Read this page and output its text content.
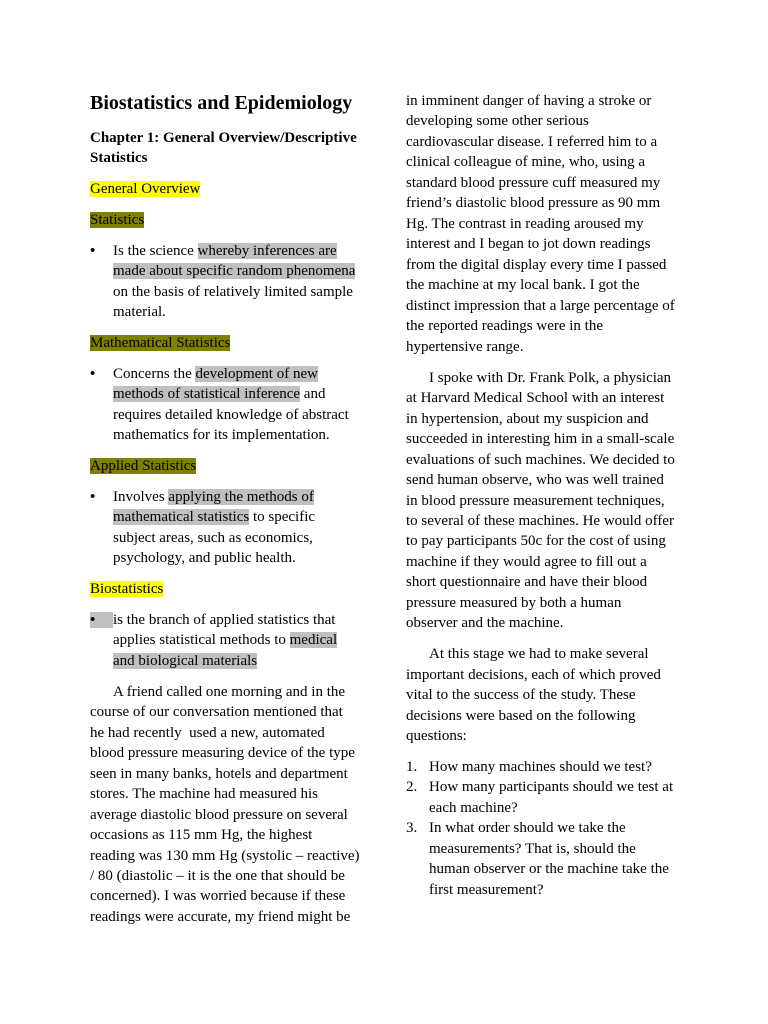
Biostatistics and Epidemiology
Chapter 1: General Overview/Descriptive
Statistics
General Overview
Statistics
•	Is the science whereby inferences are
made about specific random phenomena
on the basis of relatively limited sample
material.
Mathematical Statistics
•	Concerns the development of new
methods of statistical inference and
requires detailed knowledge of abstract
mathematics for its implementation.
Applied Statistics
•	Involves applying the methods of
mathematical statistics to specific
subject areas, such as economics,
psychology, and public health.
Biostatistics
•	is the branch of applied statistics that
applies statistical methods to medical
and biological materials
A friend called one morning and in the
course of our conversation mentioned that
he had recently  used a new, automated
blood pressure measuring device of the type
seen in many banks, hotels and department
stores. The machine had measured his
average diastolic blood pressure on several
occasions as 115 mm Hg, the highest
reading was 130 mm Hg (systolic – reactive)
/ 80 (diastolic – it is the one that should be
concerned). I was worried because if these
readings were accurate, my friend might be
in imminent danger of having a stroke or
developing some other serious
cardiovascular disease. I referred him to a
clinical colleague of mine, who, using a
standard blood pressure cuff measured my
friend’s diastolic blood pressure as 90 mm
Hg. The contrast in reading aroused my
interest and I began to jot down readings
from the digital display every time I passed
the machine at my local bank. I got the
distinct impression that a large percentage of
the reported readings were in the
hypertensive range.
I spoke with Dr. Frank Polk, a physician
at Harvard Medical School with an interest
in hypertension, about my suspicion and
succeeded in interesting him in a small-scale
evaluations of such machines. We decided to
send human observe, who was well trained
in blood pressure measurement techniques,
to several of these machines. He would offer
to pay participants 50c for the cost of using
machine if they would agree to fill out a
short questionnaire and have their blood
pressure measured by both a human
observer and the machine.
At this stage we had to make several
important decisions, each of which proved
vital to the success of the study. These
decisions were based on the following
questions:
1. How many machines should we test?
2. How many participants should we test at
each machine?
3. In what order should we take the
measurements? That is, should the
human observer or the machine take the
first measurement?
